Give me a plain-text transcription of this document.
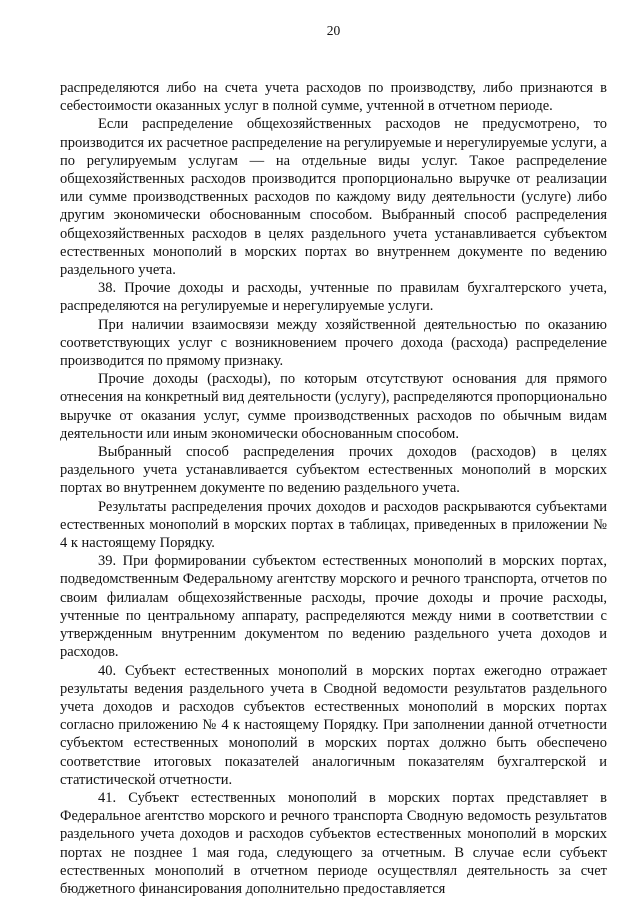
20

распределяются либо на счета учета расходов по производству, либо признаются в себестоимости оказанных услуг в полной сумме, учтенной в отчетном периоде.

Если распределение общехозяйственных расходов не предусмотрено, то производится их расчетное распределение на регулируемые и нерегулируемые услуги, а по регулируемым услугам — на отдельные виды услуг. Такое распределение общехозяйственных расходов производится пропорционально выручке от реализации или сумме производственных расходов по каждому виду деятельности (услуге) либо другим экономически обоснованным способом. Выбранный способ распределения общехозяйственных расходов в целях раздельного учета устанавливается субъектом естественных монополий в морских портах во внутреннем документе по ведению раздельного учета.

38. Прочие доходы и расходы, учтенные по правилам бухгалтерского учета, распределяются на регулируемые и нерегулируемые услуги.

При наличии взаимосвязи между хозяйственной деятельностью по оказанию соответствующих услуг с возникновением прочего дохода (расхода) распределение производится по прямому признаку.

Прочие доходы (расходы), по которым отсутствуют основания для прямого отнесения на конкретный вид деятельности (услугу), распределяются пропорционально выручке от оказания услуг, сумме производственных расходов по обычным видам деятельности или иным экономически обоснованным способом.

Выбранный способ распределения прочих доходов (расходов) в целях раздельного учета устанавливается субъектом естественных монополий в морских портах во внутреннем документе по ведению раздельного учета.

Результаты распределения прочих доходов и расходов раскрываются субъектами естественных монополий в морских портах в таблицах, приведенных в приложении № 4 к настоящему Порядку.

39. При формировании субъектом естественных монополий в морских портах, подведомственным Федеральному агентству морского и речного транспорта, отчетов по своим филиалам общехозяйственные расходы, прочие доходы и прочие расходы, учтенные по центральному аппарату, распределяются между ними в соответствии с утвержденным внутренним документом по ведению раздельного учета доходов и расходов.

40. Субъект естественных монополий в морских портах ежегодно отражает результаты ведения раздельного учета в Сводной ведомости результатов раздельного учета доходов и расходов субъектов естественных монополий в морских портах согласно приложению № 4 к настоящему Порядку. При заполнении данной отчетности субъектом естественных монополий в морских портах должно быть обеспечено соответствие итоговых показателей аналогичным показателям бухгалтерской и статистической отчетности.

41. Субъект естественных монополий в морских портах представляет в Федеральное агентство морского и речного транспорта Сводную ведомость результатов раздельного учета доходов и расходов субъектов естественных монополий в морских портах не позднее 1 мая года, следующего за отчетным. В случае если субъект естественных монополий в отчетном периоде осуществлял деятельность за счет бюджетного финансирования дополнительно предоставляется
